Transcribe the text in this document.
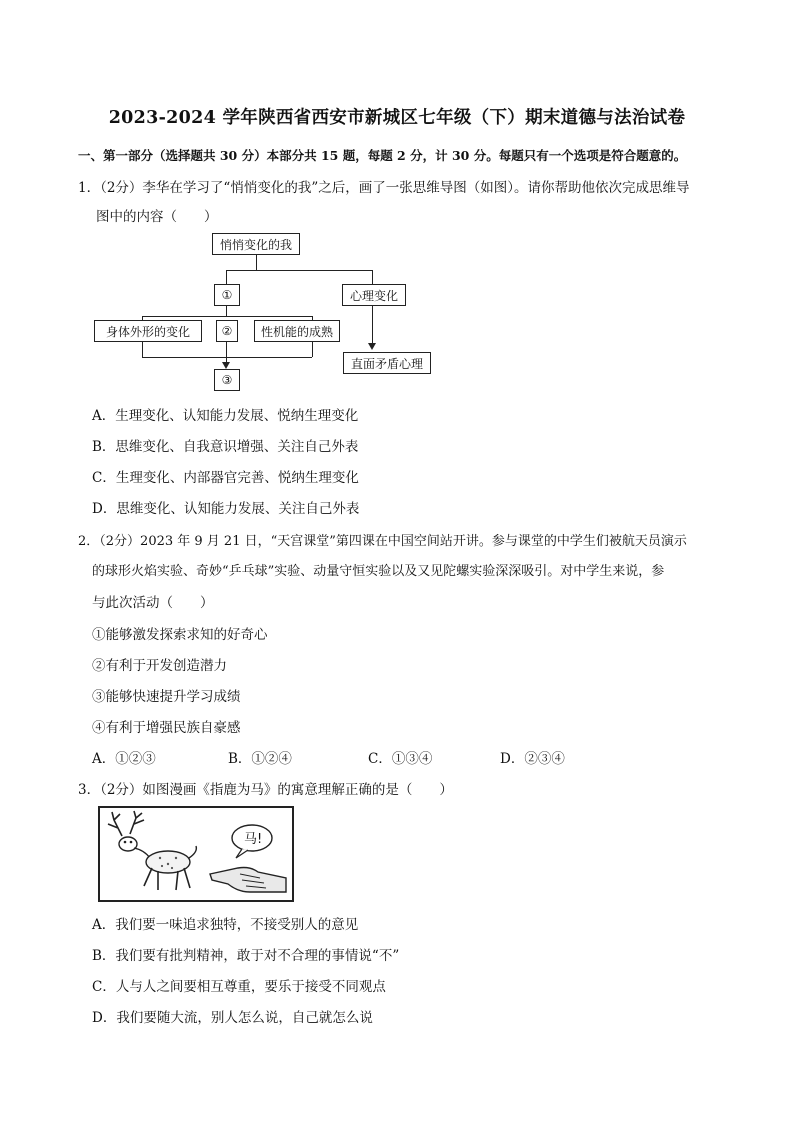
2023-2024 学年陕西省西安市新城区七年级（下）期末道德与法治试卷
一、第一部分（选择题共 30 分）本部分共 15 题，每题 2 分，计 30 分。每题只有一个选项是符合题意的。
1．（2分）李华在学习了“悄悄变化的我”之后，画了一张思维导图（如图）。请你帮助他依次完成思维导
图中的内容（　　）
悄悄变化的我
①
身体外形的变化	②	性机能的成熟
③
心理变化
直面矛盾心理
A．生理变化、认知能力发展、悦纳生理变化
B．思维变化、自我意识增强、关注自己外表
C．生理变化、内部器官完善、悦纳生理变化
D．思维变化、认知能力发展、关注自己外表
2．（2分）2023 年 9 月 21 日，“天宫课堂”第四课在中国空间站开讲。参与课堂的中学生们被航天员演示
的球形火焰实验、奇妙“乒乓球”实验、动量守恒实验以及又见陀螺实验深深吸引。对中学生来说，参
与此次活动（　　）
①能够激发探索求知的好奇心
②有利于开发创造潜力
③能够快速提升学习成绩
④有利于增强民族自豪感
A．①②③	B．①②④	C．①③④	D．②③④
3．（2分）如图漫画《指鹿为马》的寓意理解正确的是（　　）
马!
A．我们要一味追求独特，不接受别人的意见
B．我们要有批判精神，敢于对不合理的事情说“不”
C．人与人之间要相互尊重，要乐于接受不同观点
D．我们要随大流，别人怎么说，自己就怎么说
